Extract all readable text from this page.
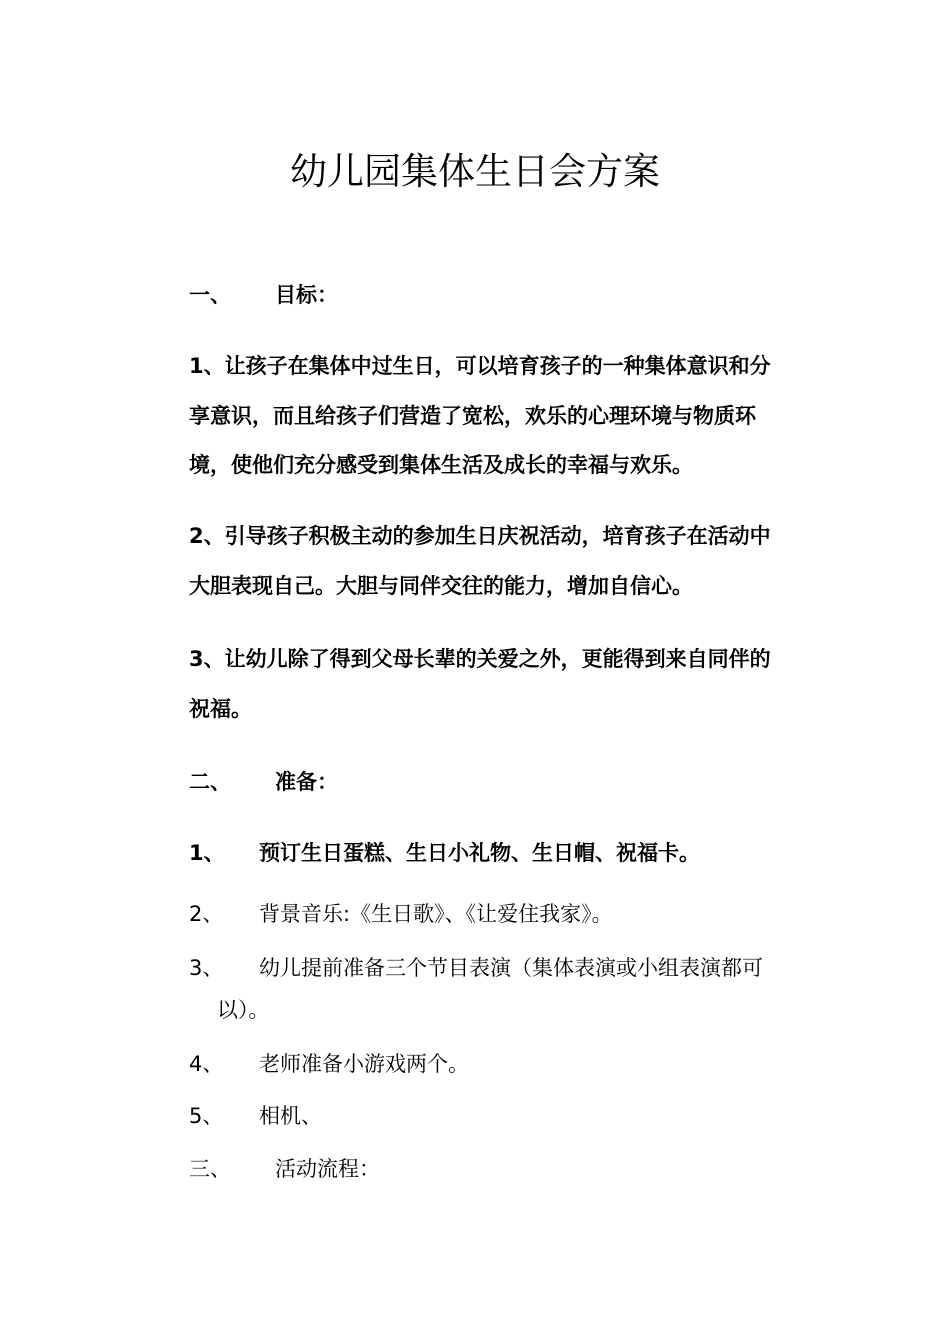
幼儿园集体生日会方案
一、 目标：

1、让孩子在集体中过生日，可以培育孩子的一种集体意识和分
享意识，而且给孩子们营造了宽松，欢乐的心理环境与物质环
境，使他们充分感受到集体生活及成长的幸福与欢乐。

2、引导孩子积极主动的参加生日庆祝活动，培育孩子在活动中
大胆表现自己。大胆与同伴交往的能力，增加自信心。

3、让幼儿除了得到父母长辈的关爱之外，更能得到来自同伴的
祝福。

二、 准备：
1、 预订生日蛋糕、生日小礼物、生日帽、祝福卡。
2、 背景音乐:《生日歌》、《让爱住我家》。
3、 幼儿提前准备三个节目表演（集体表演或小组表演都可
以）。
4、 老师准备小游戏两个。
5、 相机、
三、 活动流程：
